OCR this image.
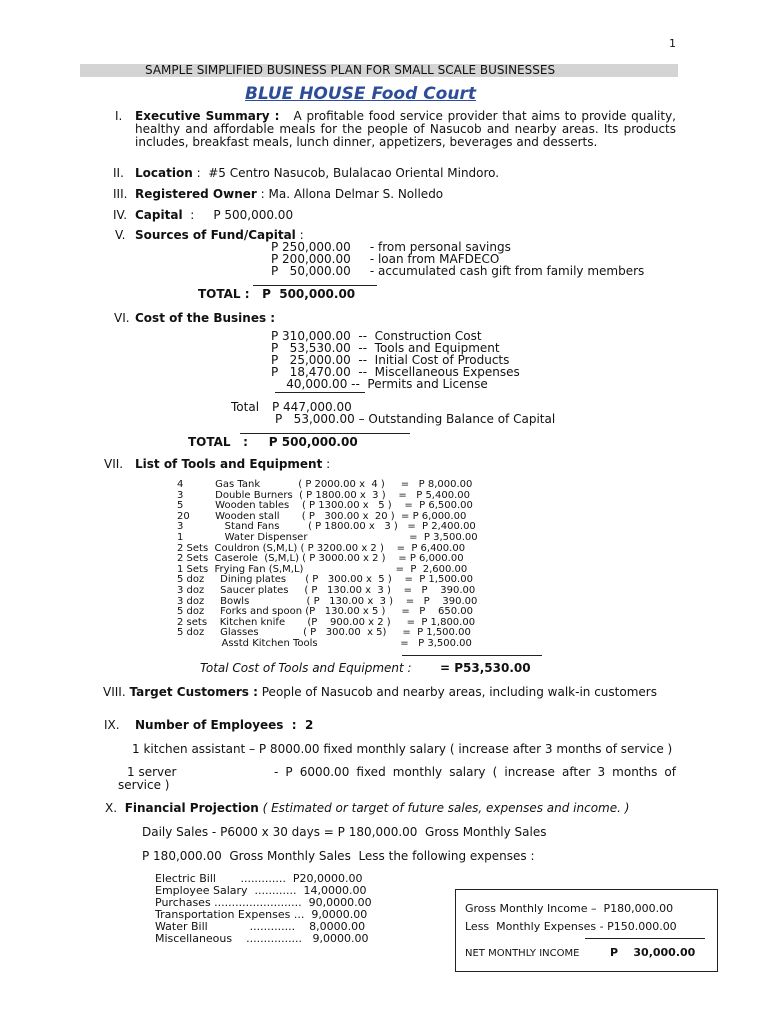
1
SAMPLE SIMPLIFIED BUSINESS PLAN FOR SMALL SCALE BUSINESSES
BLUE HOUSE Food Court
I. Executive Summary : A profitable food service provider that aims to provide quality, healthy and affordable meals for the people of Nasucob and nearby areas. Its products includes, breakfast meals, lunch dinner, appetizers, beverages and desserts.
II. Location :  #5 Centro Nasucob, Bulalacao Oriental Mindoro.
III. Registered Owner : Ma. Allona Delmar S. Nolledo
IV. Capital :     P 500,000.00
V. Sources of Fund/Capital :
P 250,000.00     - from personal savings
P 200,000.00     - loan from MAFDECO
P   50,000.00     - accumulated cash gift from family members
TOTAL :   P  500,000.00
VI. Cost of the Busines :
P 310,000.00  --  Construction Cost
P   53,530.00  --  Tools and Equipment
P   25,000.00  --  Initial Cost of Products
P   18,470.00  --  Miscellaneous Expenses
40,000.00 --  Permits and License
Total P 447,000.00
P   53,000.00 – Outstanding Balance of Capital
TOTAL   :     P 500,000.00
VII. List of Tools and Equipment :
4          Gas Tank            ( P 2000.00 x  4 )     =   P 8,000.00
3          Double Burners  ( P 1800.00 x  3 )    =   P 5,400.00
5          Wooden tables    ( P 1300.00 x   5 )    =  P 6,500.00
20        Wooden stall       ( P   300.00 x  20 )  = P 6,000.00
3             Stand Fans         ( P 1800.00 x   3 )   =  P 2,400.00
1             Water Dispenser                                =  P 3,500.00
2 Sets  Couldron (S,M,L) ( P 3200.00 x 2 )    =  P 6,400.00
2 Sets  Caserole  (S,M,L) ( P 3000.00 x 2 )    = P 6,000.00
1 Sets  Frying Fan (S,M,L)                             =  P  2,600.00
5 doz     Dining plates      ( P   300.00 x  5 )    =  P 1,500.00
3 doz     Saucer plates     ( P   130.00 x  3 )    =   P    390.00
3 doz     Bowls                  ( P   130.00 x  3 )    =   P    390.00
5 doz     Forks and spoon (P   130.00 x 5 )     =   P    650.00
2 sets    Kitchen knife       (P    900.00 x 2 )     =  P 1,800.00
5 doz     Glasses              ( P   300.00  x 5)     =  P 1,500.00
Asstd Kitchen Tools                          =   P 3,500.00
Total Cost of Tools and Equipment : = P53,530.00
VIII. Target Customers : People of Nasucob and nearby areas, including walk-in customers
IX. Number of Employees  :  2
1 kitchen assistant – P 8000.00 fixed monthly salary ( increase after 3 months of service )
1 server	- P 6000.00 fixed monthly salary ( increase after 3 months of service )
X. Financial Projection ( Estimated or target of future sales, expenses and income. )
Daily Sales - P6000 x 30 days = P 180,000.00  Gross Monthly Sales
P 180,000.00  Gross Monthly Sales  Less the following expenses :
Electric Bill       .............  P20,0000.00
Employee Salary  ............  14,0000.00
Purchases .........................  90,0000.00
Transportation Expenses ...  9,0000.00
Water Bill            .............    8,0000.00
Miscellaneous    ................   9,0000.00
Gross Monthly Income –  P180,000.00
Less  Monthly Expenses - P150.000.00
NET MONTHLY INCOME	P    30,000.00
